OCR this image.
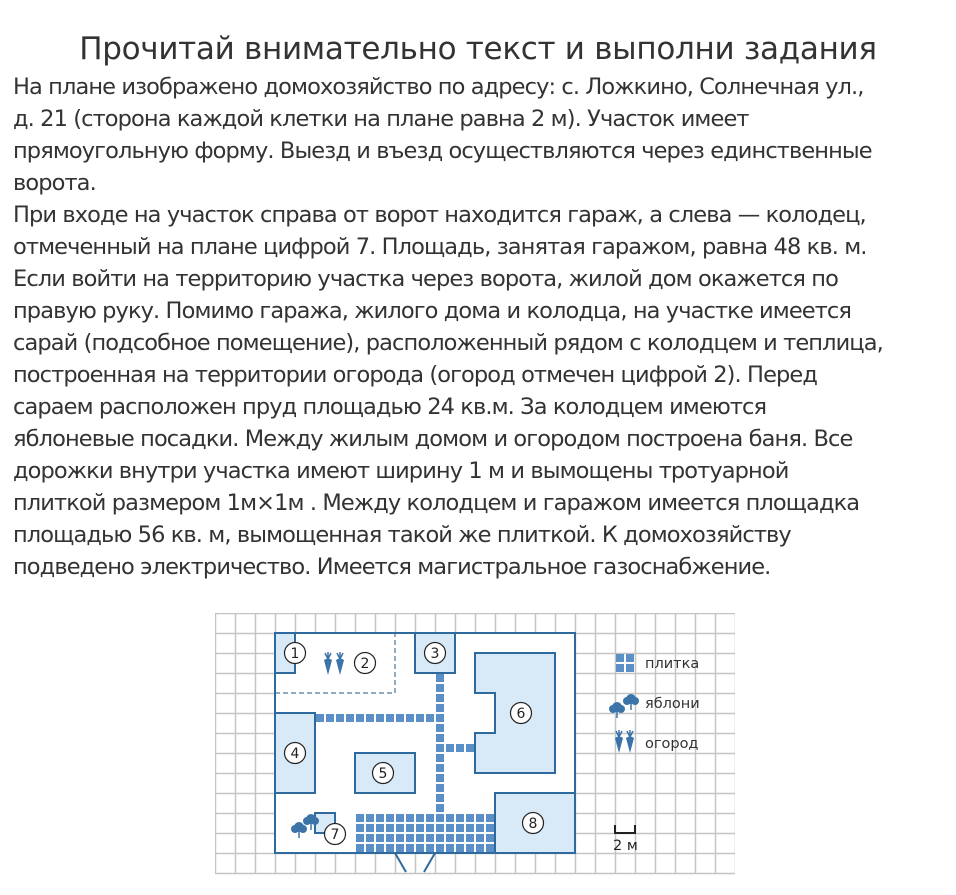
Прочитай внимательно текст и выполни задания
На плане изображено домохозяйство по адресу: с. Ложкино, Солнечная ул.,
д. 21 (сторона каждой клетки на плане равна 2 м). Участок имеет
прямоугольную форму. Выезд и въезд осуществляются через единственные
ворота.
При входе на участок справа от ворот находится гараж, а слева — колодец,
отмеченный на плане цифрой 7. Площадь, занятая гаражом, равна 48 кв. м.
Если войти на территорию участка через ворота, жилой дом окажется по
правую руку. Помимо гаража, жилого дома и колодца, на участке имеется
сарай (подсобное помещение), расположенный рядом с колодцем и теплица,
построенная на территории огорода (огород отмечен цифрой 2). Перед
сараем расположен пруд площадью 24 кв.м. За колодцем имеются
яблоневые посадки. Между жилым домом и огородом построена баня. Все
дорожки внутри участка имеют ширину 1 м и вымощены тротуарной
плиткой размером 1м×1м . Между колодцем и гаражом имеется площадка
площадью 56 кв. м, вымощенная такой же плиткой. К домохозяйству
подведено электричество. Имеется магистральное газоснабжение.
1
2
3
4
5
6
7
8
плитка
яблони
огород
2 м
